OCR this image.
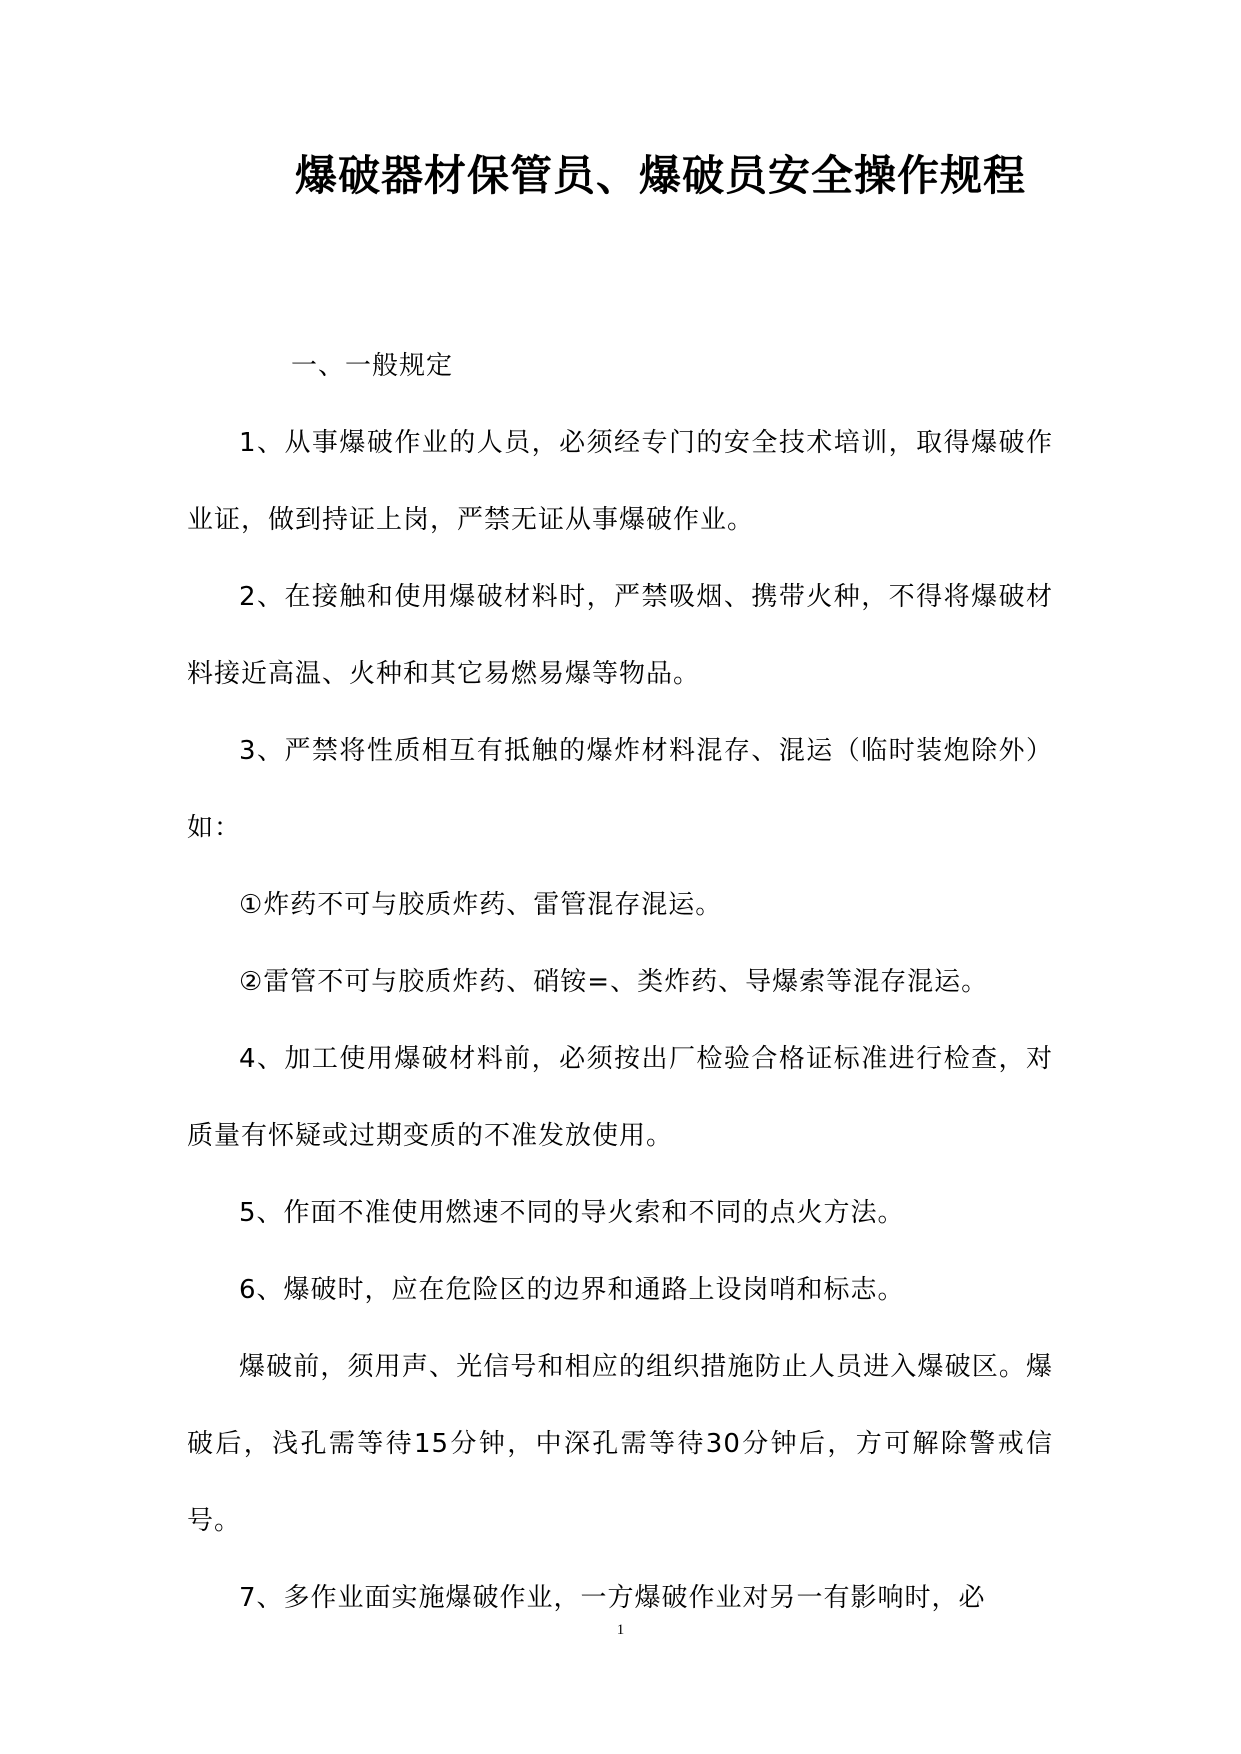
爆破器材保管员、爆破员安全操作规程

一、一般规定

1、从事爆破作业的人员，必须经专门的安全技术培训，取得爆破作业证，做到持证上岗，严禁无证从事爆破作业。

2、在接触和使用爆破材料时，严禁吸烟、携带火种，不得将爆破材料接近高温、火种和其它易燃易爆等物品。

3、严禁将性质相互有抵触的爆炸材料混存、混运（临时装炮除外）如：

①炸药不可与胶质炸药、雷管混存混运。

②雷管不可与胶质炸药、硝铵=、类炸药、导爆索等混存混运。

4、加工使用爆破材料前，必须按出厂检验合格证标准进行检查，对质量有怀疑或过期变质的不准发放使用。

5、作面不准使用燃速不同的导火索和不同的点火方法。

6、爆破时，应在危险区的边界和通路上设岗哨和标志。

爆破前，须用声、光信号和相应的组织措施防止人员进入爆破区。爆破后，浅孔需等待15分钟，中深孔需等待30分钟后，方可解除警戒信号。

7、多作业面实施爆破作业，一方爆破作业对另一有影响时，必

1
